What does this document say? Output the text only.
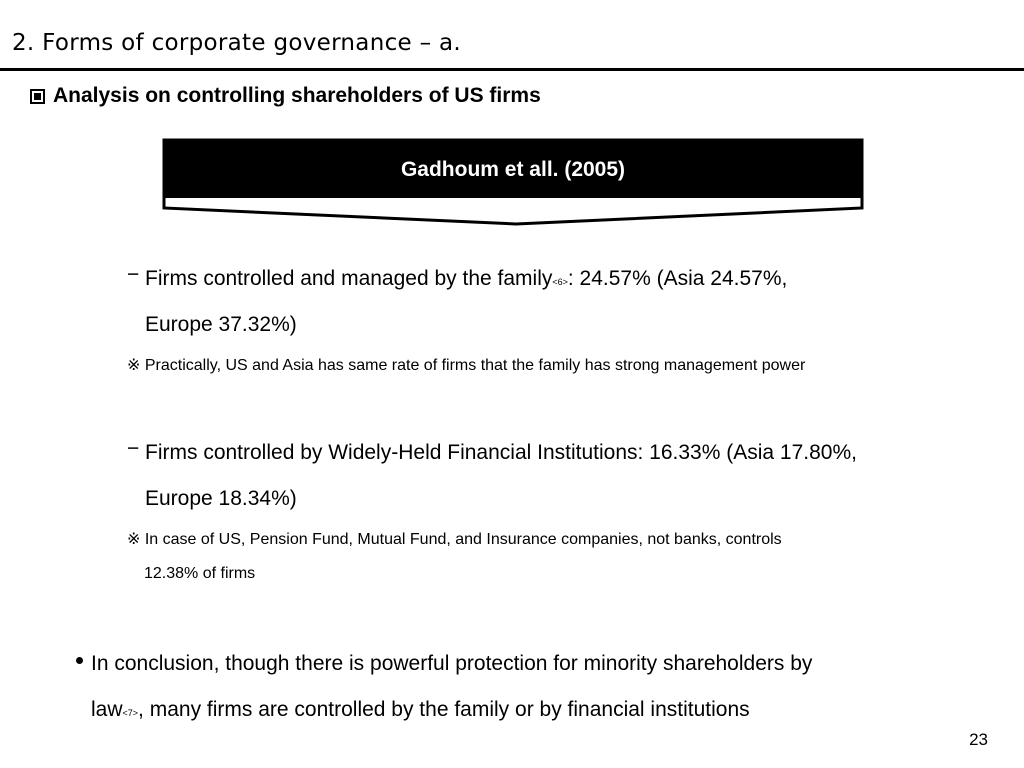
2. Forms of corporate governance – a.
Analysis on controlling shareholders of US firms
Gadhoum et all. (2005)
− Firms controlled and managed by the family<6>: 24.57% (Asia 24.57%,
Europe 37.32%)
※ Practically, US and Asia has same rate of firms that the family has strong management power
− Firms controlled by Widely-Held Financial Institutions: 16.33% (Asia 17.80%,
Europe 18.34%)
※ In case of US, Pension Fund, Mutual Fund, and Insurance companies, not banks, controls
12.38% of firms
In conclusion, though there is powerful protection for minority shareholders by
law<7>, many firms are controlled by the family or by financial institutions
23
